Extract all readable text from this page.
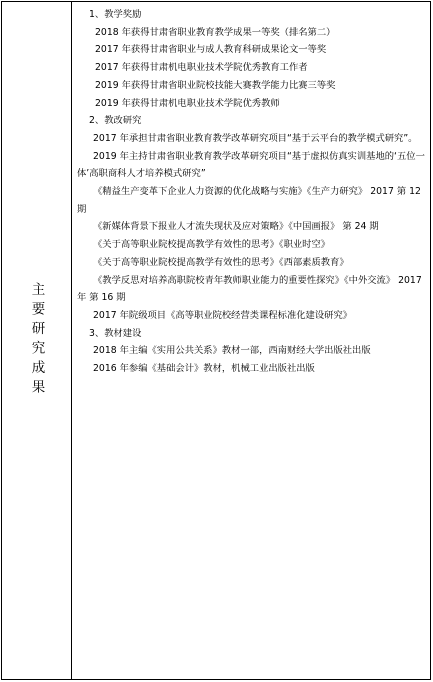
主要研究成果

1、教学奖励

2018 年获得甘肃省职业教育教学成果一等奖（排名第二）

2017 年获得甘肃省职业与成人教育科研成果论文一等奖

2017 年获得甘肃机电职业技术学院优秀教育工作者

2019 年获得甘肃省职业院校技能大赛教学能力比赛三等奖

2019 年获得甘肃机电职业技术学院优秀教师

2、教改研究

2017 年承担甘肃省职业教育教学改革研究项目“基于云平台的教学模式研究”。

2019 年主持甘肃省职业教育教学改革研究项目“基于虚拟仿真实训基地的‘五位一体’高职商科人才培养模式研究”

《精益生产变革下企业人力资源的优化战略与实施》《生产力研究》 2017 第 12 期

《新媒体背景下报业人才流失现状及应对策略》《中国画报》 第 24 期

《关于高等职业院校提高教学有效性的思考》《职业时空》

《关于高等职业院校提高教学有效性的思考》《西部素质教育》

《教学反思对培养高职院校青年教师职业能力的重要性探究》《中外交流》 2017 年 第 16 期

2017 年院级项目《高等职业院校经营类课程标准化建设研究》

3、教材建设

2018 年主编《实用公共关系》教材一部，西南财经大学出版社出版

2016 年参编《基础会计》教材，机械工业出版社出版
